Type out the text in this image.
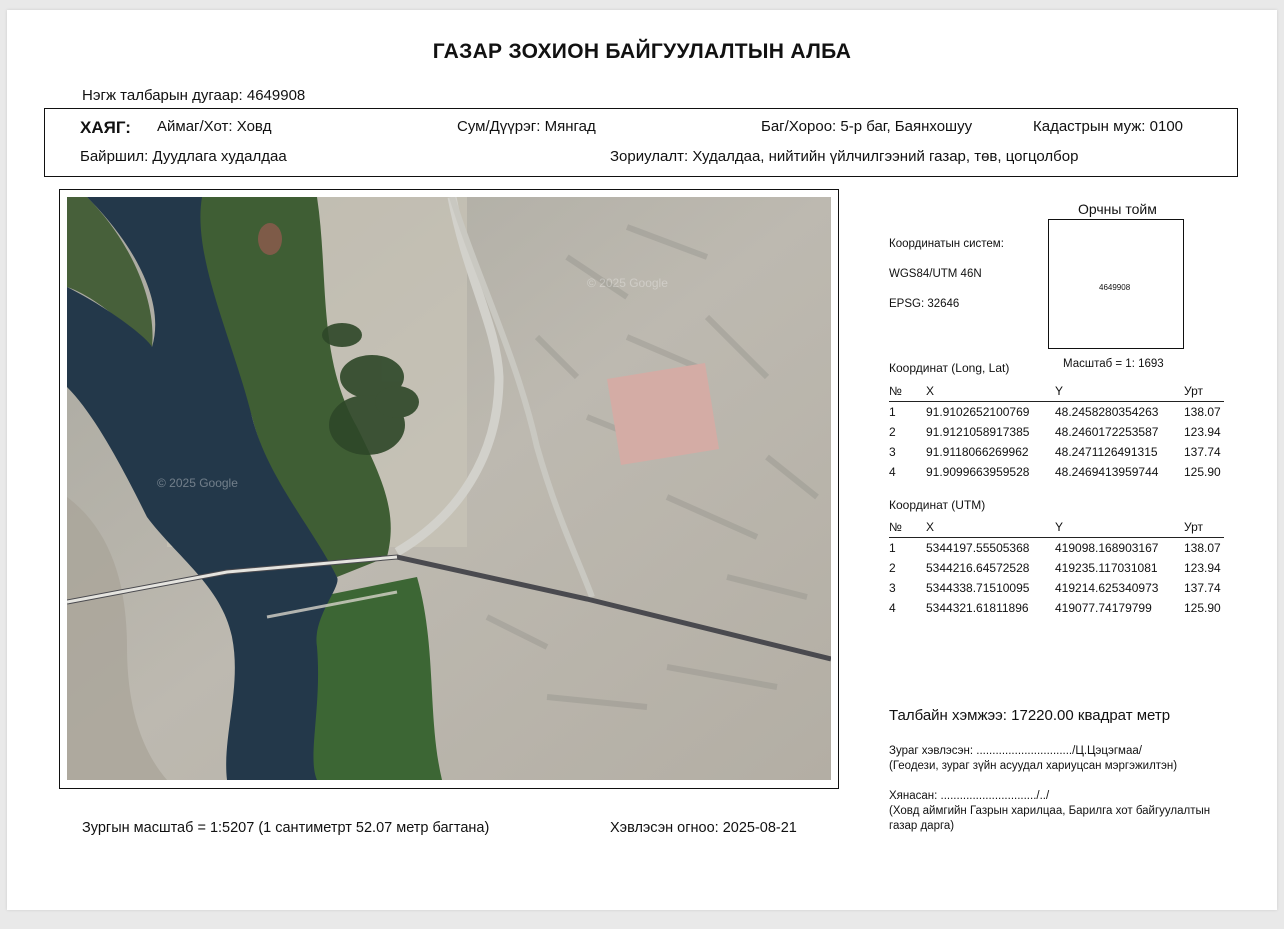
ГАЗАР ЗОХИОН БАЙГУУЛАЛТЫН АЛБА
Нэгж талбарын дугаар: 4649908
ХАЯГ: Аймаг/Хот: Ховд	Сум/Дүүрэг: Мянгад	Баг/Хороо: 5-р баг, Баянхошуу	Кадастрын муж: 0100
Байршил: Дуудлага худалдаа	Зориулалт: Худалдаа, нийтийн үйлчилгээний газар, төв, цогцолбор
© 2025 Google
© 2025 Google
Координатын систем:
WGS84/UTM 46N
EPSG: 32646
Орчны тойм
4649908
Масштаб = 1: 1693
Координат (Long, Lat)
№	X	Y	Урт
1	91.9102652100769	48.2458280354263	138.07
2	91.9121058917385	48.2460172253587	123.94
3	91.9118066269962	48.2471126491315	137.74
4	91.9099663959528	48.2469413959744	125.90
Координат (UTM)
№	X	Y	Урт
1	5344197.55505368	419098.168903167	138.07
2	5344216.64572528	419235.117031081	123.94
3	5344338.71510095	419214.625340973	137.74
4	5344321.61811896	419077.74179799	125.90
Талбайн хэмжээ: 17220.00 квадрат метр
Зураг хэвлэсэн: ............................../Ц.Цэцэгмаа/
(Геодези, зураг зүйн асуудал хариуцсан мэргэжилтэн)
Хянасан: ............................../../
(Ховд аймгийн Газрын харилцаа, Барилга хот байгуулалтын
газар дарга)
Зургын масштаб = 1:5207 (1 сантиметрт 52.07 метр багтана)	Хэвлэсэн огноо: 2025-08-21
